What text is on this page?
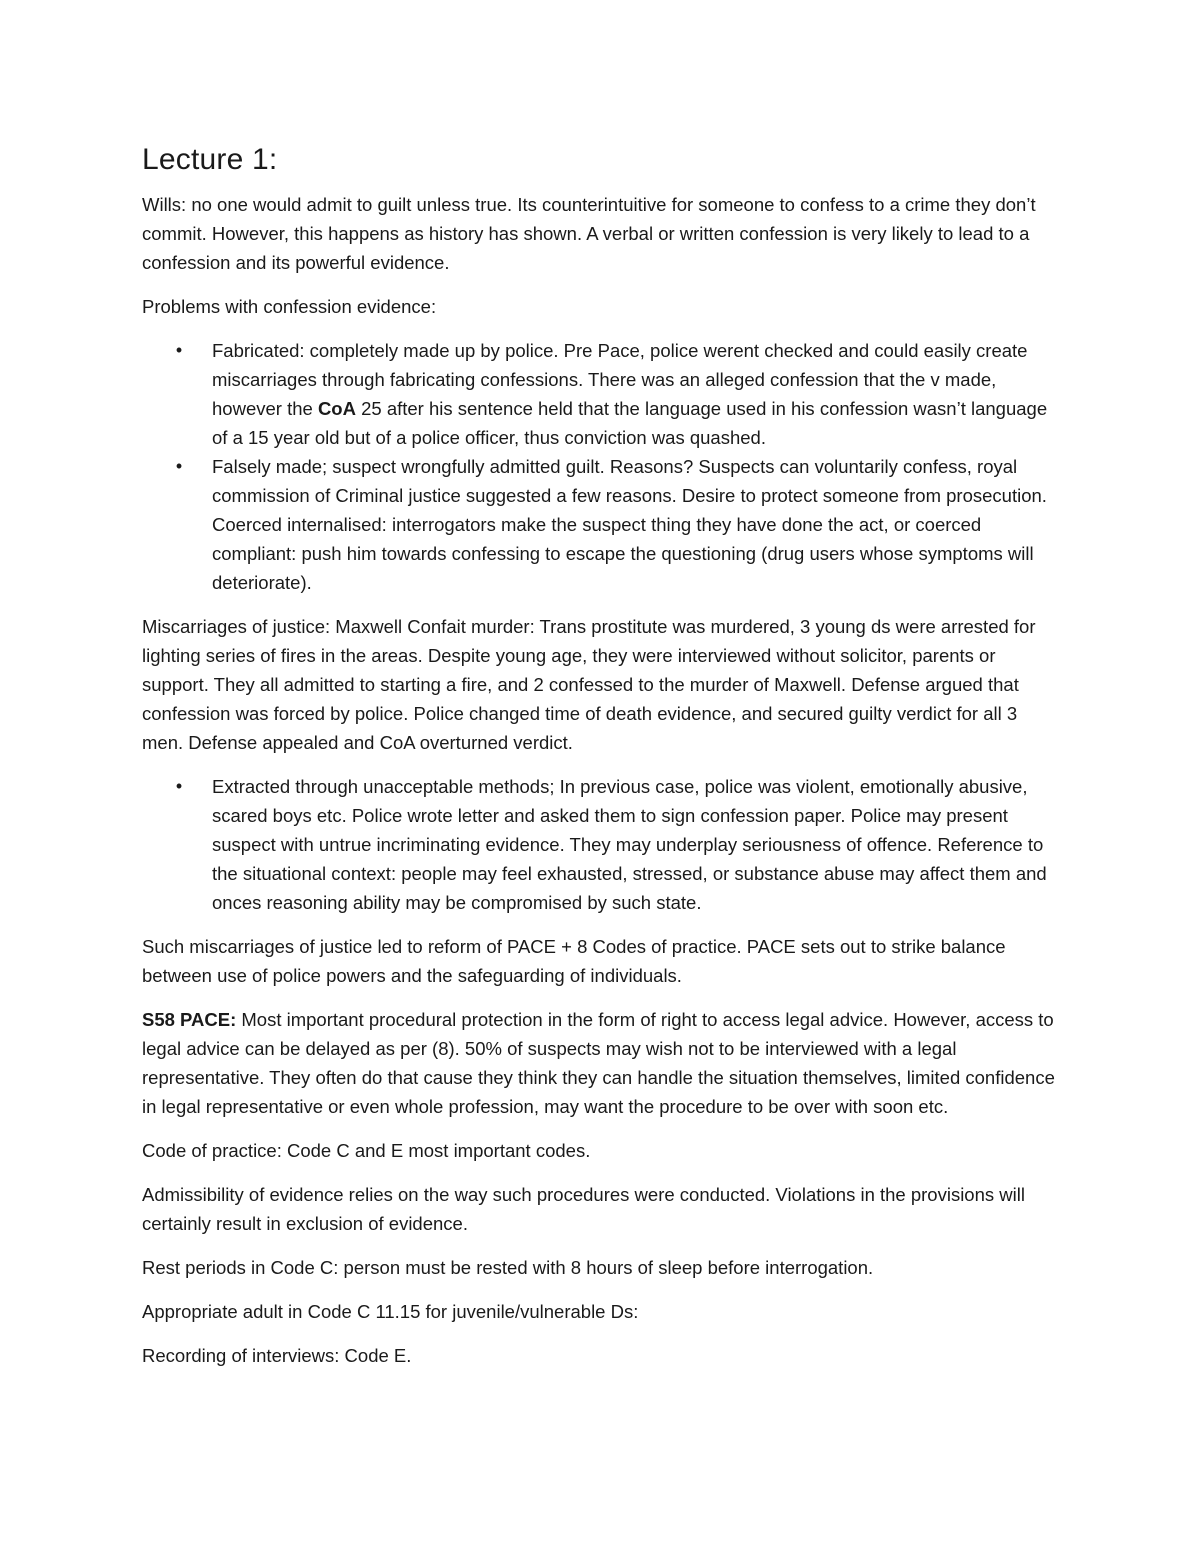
Lecture 1:

Wills: no one would admit to guilt unless true. Its counterintuitive for someone to confess to a crime they don’t commit. However, this happens as history has shown. A verbal or written confession is very likely to lead to a confession and its powerful evidence.

Problems with confession evidence:

• Fabricated: completely made up by police. Pre Pace, police werent checked and could easily create miscarriages through fabricating confessions. There was an alleged confession that the v made, however the CoA 25 after his sentence held that the language used in his confession wasn’t language of a 15 year old but of a police officer, thus conviction was quashed.
• Falsely made; suspect wrongfully admitted guilt. Reasons? Suspects can voluntarily confess, royal commission of Criminal justice suggested a few reasons. Desire to protect someone from prosecution. Coerced internalised: interrogators make the suspect thing they have done the act, or coerced compliant: push him towards confessing to escape the questioning (drug users whose symptoms will deteriorate).

Miscarriages of justice: Maxwell Confait murder: Trans prostitute was murdered, 3 young ds were arrested for lighting series of fires in the areas. Despite young age, they were interviewed without solicitor, parents or support. They all admitted to starting a fire, and 2 confessed to the murder of Maxwell. Defense argued that confession was forced by police. Police changed time of death evidence, and secured guilty verdict for all 3 men. Defense appealed and CoA overturned verdict.

• Extracted through unacceptable methods; In previous case, police was violent, emotionally abusive, scared boys etc. Police wrote letter and asked them to sign confession paper. Police may present suspect with untrue incriminating evidence. They may underplay seriousness of offence. Reference to the situational context: people may feel exhausted, stressed, or substance abuse may affect them and onces reasoning ability may be compromised by such state.

Such miscarriages of justice led to reform of PACE + 8 Codes of practice. PACE sets out to strike balance between use of police powers and the safeguarding of individuals.

S58 PACE: Most important procedural protection in the form of right to access legal advice. However, access to legal advice can be delayed as per (8). 50% of suspects may wish not to be interviewed with a legal representative. They often do that cause they think they can handle the situation themselves, limited confidence in legal representative or even whole profession, may want the procedure to be over with soon etc.

Code of practice: Code C and E most important codes.

Admissibility of evidence relies on the way such procedures were conducted. Violations in the provisions will certainly result in exclusion of evidence.

Rest periods in Code C: person must be rested with 8 hours of sleep before interrogation.

Appropriate adult in Code C 11.15 for juvenile/vulnerable Ds:

Recording of interviews: Code E.
